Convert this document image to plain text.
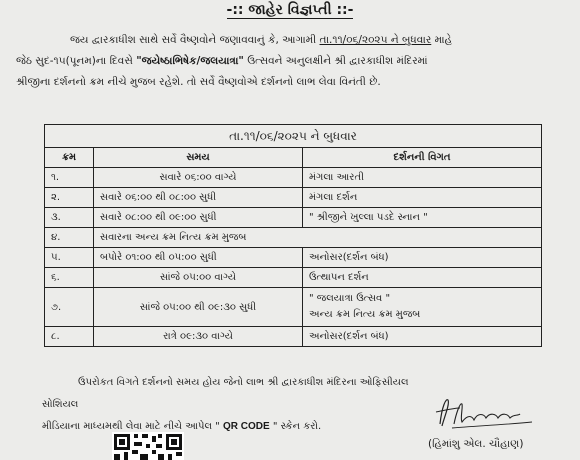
-:: જાહેર વિજ્ઞપ્તી ::-

જય દ્વારકાધીશ સાથે સર્વે વૈષ્ણવોને જણાવવાનું કે, આગામી તા.૧૧/૦૬/૨૦૨૫ ને બુધવાર માહે

જેઠ સુદ-૧૫(પૂનમ)ના દિવસે "જયેષ્ઠાભિષેક/જલયાત્રા" ઉત્સવને અનુલક્ષીને શ્રી દ્વારકાધીશ મંદિરમાં

શ્રીજીના દર્શનનો ક્રમ નીચે મુજબ રહેશે. તો સર્વે વૈષ્ણવોએ દર્શનનો લાભ લેવા વિનંતી છે.

તા.૧૧/૦૬/૨૦૨૫ ને બુધવાર		
ક્રમ	સમય	દર્શનની વિગત
૧.	સવારે ૦૬:૦૦ વાગ્યે	મંગલા આરતી
૨.	સવારે ૦૬:૦૦ થી ૦૮:૦૦ સુધી	મંગલા દર્શન
૩.	સવારે ૦૮:૦૦ થી ૦૯:૦૦ સુધી	" શ્રીજીને ખુલ્લા પડદે સ્નાન "
૪.	સવારના અન્ય ક્રમ નિત્ય ક્રમ મુજબ	
૫.	બપોરે ૦૧:૦૦ થી ૦૫:૦૦ સુધી	અનોસર(દર્શન બંધ)
૬.	સાંજે ૦૫:૦૦ વાગ્યે	ઉત્થાપન દર્શન
૭.	સાંજે ૦૫:૦૦ થી ૦૯:૩૦ સુધી	" જલયાત્રા ઉત્સવ "
અન્ય ક્રમ નિત્ય ક્રમ મુજબ

૮.	રાત્રે ૦૯:૩૦ વાગ્યે	અનોસર(દર્શન બંધ)

ઉપરોકત વિગતે દર્શનનો સમય હોય જેનો લાભ શ્રી દ્વારકાધીશ મંદિરના ઓફિસીયલ સોશિયલ

મીડિયાના માધ્યમથી લેવા માટે નીચે આપેલ " QR CODE " સ્કેન કરો.

(હિમાંશુ એલ. ચૌહાણ)
